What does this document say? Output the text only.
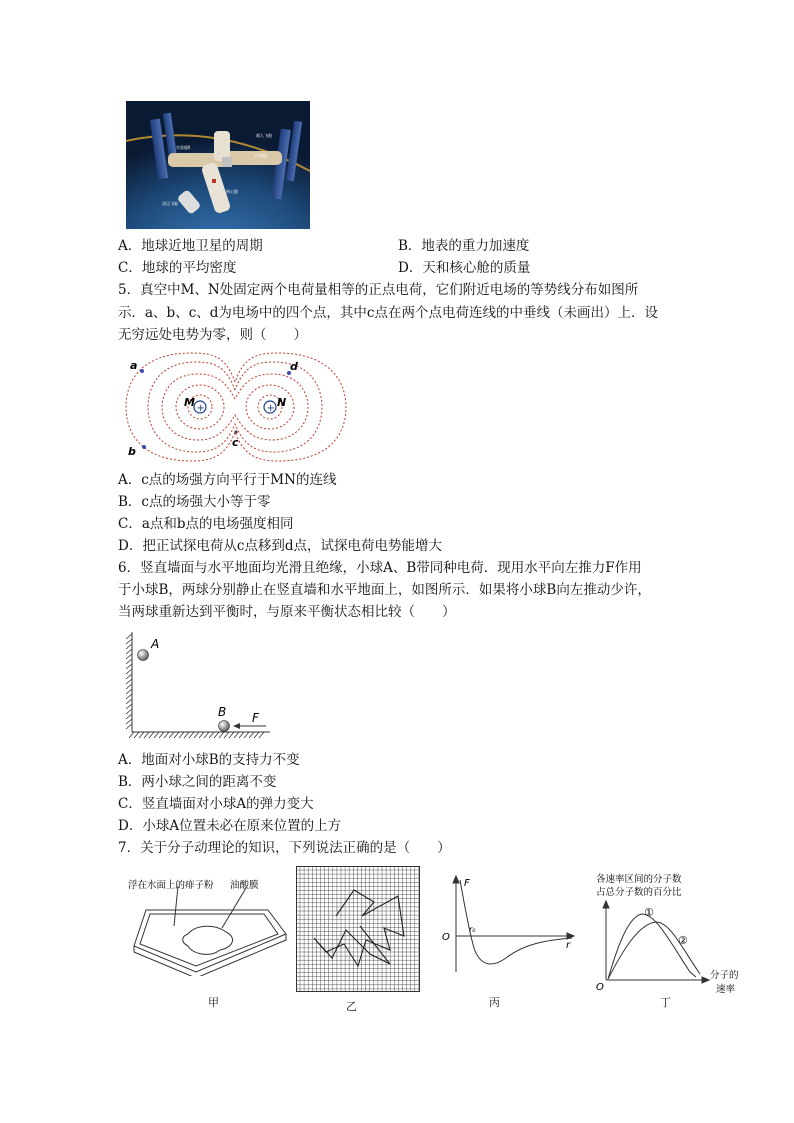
实验舱Ⅱ
载人飞船
实验舱Ⅰ
核心舱
货运飞船
A．地球近地卫星的周期	B．地表的重力加速度
C．地球的平均密度	D．天和核心舱的质量
5．真空中M、N处固定两个电荷量相等的正点电荷，它们附近电场的等势线分布如图所
示．a、b、c、d为电场中的四个点，其中c点在两个点电荷连线的中垂线（未画出）上．设
无穷远处电势为零，则（　　）
+	+
a	d
b
c
M	N
A．c点的场强方向平行于MN的连线
B．c点的场强大小等于零
C．a点和b点的电场强度相同
D．把正试探电荷从c点移到d点，试探电荷电势能增大
6．竖直墙面与水平地面均光滑且绝缘，小球A、B带同种电荷．现用水平向左推力F作用
于小球B，两球分别静止在竖直墙和水平地面上，如图所示．如果将小球B向左推动少许，
当两球重新达到平衡时，与原来平衡状态相比较（　　）
A
B F
A．地面对小球B的支持力不变
B．两小球之间的距离不变
C．竖直墙面对小球A的弹力变大
D．小球A位置未必在原来位置的上方
7．关于分子动理论的知识，下列说法正确的是（　　）
浮在水面上的痱子粉 油酸膜
甲	乙
F
r
O
r₀
丙
各速率区间的分子数
占总分子数的百分比
分子的
速率
O
①
②
丁
